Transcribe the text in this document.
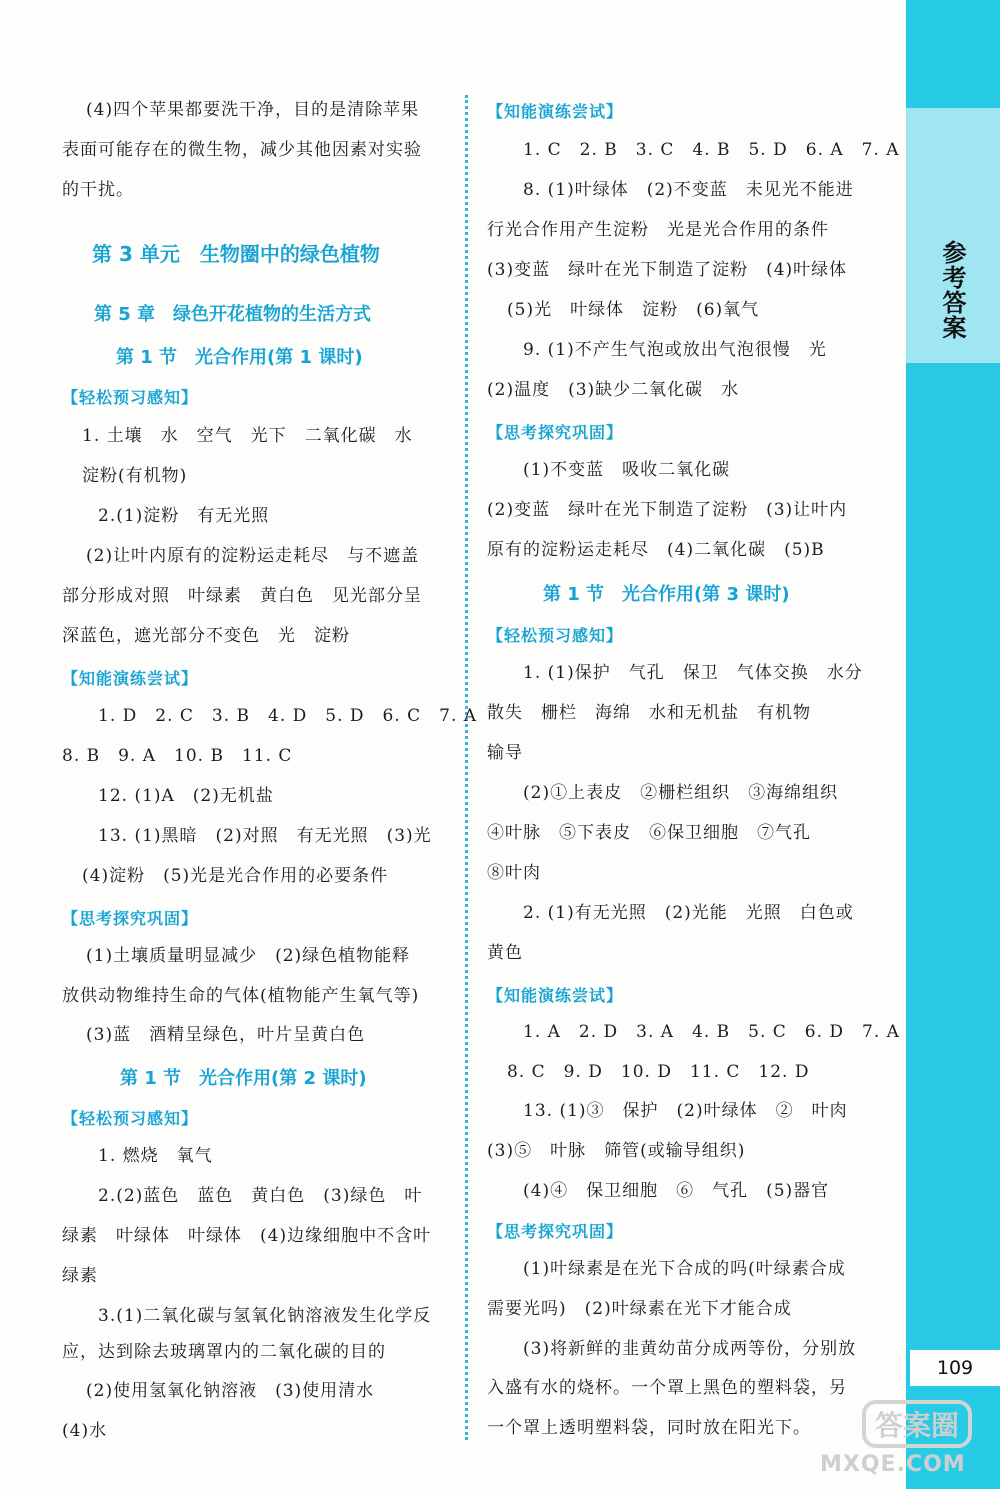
参考答案
109
(4)四个苹果都要洗干净，目的是清除苹果
表面可能存在的微生物，减少其他因素对实验
的干扰。
第 3 单元　生物圈中的绿色植物
第 5 章　绿色开花植物的生活方式
第 1 节　光合作用(第 1 课时)
【轻松预习感知】
1. 土壤　水　空气　光下　二氧化碳　水
淀粉(有机物)
2.(1)淀粉　有无光照
(2)让叶内原有的淀粉运走耗尽　与不遮盖
部分形成对照　叶绿素　黄白色　见光部分呈
深蓝色，遮光部分不变色　光　淀粉
【知能演练尝试】
1. D　2. C　3. B　4. D　5. D　6. C　7. A
8. B　9. A　10. B　11. C
12. (1)A　(2)无机盐
13. (1)黑暗　(2)对照　有无光照　(3)光
(4)淀粉　(5)光是光合作用的必要条件
【思考探究巩固】
(1)土壤质量明显减少　(2)绿色植物能释
放供动物维持生命的气体(植物能产生氧气等)
(3)蓝　酒精呈绿色，叶片呈黄白色
第 1 节　光合作用(第 2 课时)
【轻松预习感知】
1. 燃烧　氧气
2.(2)蓝色　蓝色　黄白色　(3)绿色　叶
绿素　叶绿体　叶绿体　(4)边缘细胞中不含叶
绿素
3.(1)二氧化碳与氢氧化钠溶液发生化学反
应，达到除去玻璃罩内的二氧化碳的目的
(2)使用氢氧化钠溶液　(3)使用清水
(4)水
【知能演练尝试】
1. C　2. B　3. C　4. B　5. D　6. A　7. A
8. (1)叶绿体　(2)不变蓝　未见光不能进
行光合作用产生淀粉　光是光合作用的条件
(3)变蓝　绿叶在光下制造了淀粉　(4)叶绿体
(5)光　叶绿体　淀粉　(6)氧气
9. (1)不产生气泡或放出气泡很慢　光
(2)温度　(3)缺少二氧化碳　水
【思考探究巩固】
(1)不变蓝　吸收二氧化碳
(2)变蓝　绿叶在光下制造了淀粉　(3)让叶内
原有的淀粉运走耗尽　(4)二氧化碳　(5)B
第 1 节　光合作用(第 3 课时)
【轻松预习感知】
1. (1)保护　气孔　保卫　气体交换　水分
散失　栅栏　海绵　水和无机盐　有机物
输导
(2)①上表皮　②栅栏组织　③海绵组织
④叶脉　⑤下表皮　⑥保卫细胞　⑦气孔
⑧叶肉
2. (1)有无光照　(2)光能　光照　白色或
黄色
【知能演练尝试】
1. A　2. D　3. A　4. B　5. C　6. D　7. A
8. C　9. D　10. D　11. C　12. D
13. (1)③　保护　(2)叶绿体　②　叶肉
(3)⑤　叶脉　筛管(或输导组织)
(4)④　保卫细胞　⑥　气孔　(5)器官
【思考探究巩固】
(1)叶绿素是在光下合成的吗(叶绿素合成
需要光吗)　(2)叶绿素在光下才能合成
(3)将新鲜的韭黄幼苗分成两等份，分别放
入盛有水的烧杯。一个罩上黑色的塑料袋，另
一个罩上透明塑料袋，同时放在阳光下。 答案圈
MXQE.COM
